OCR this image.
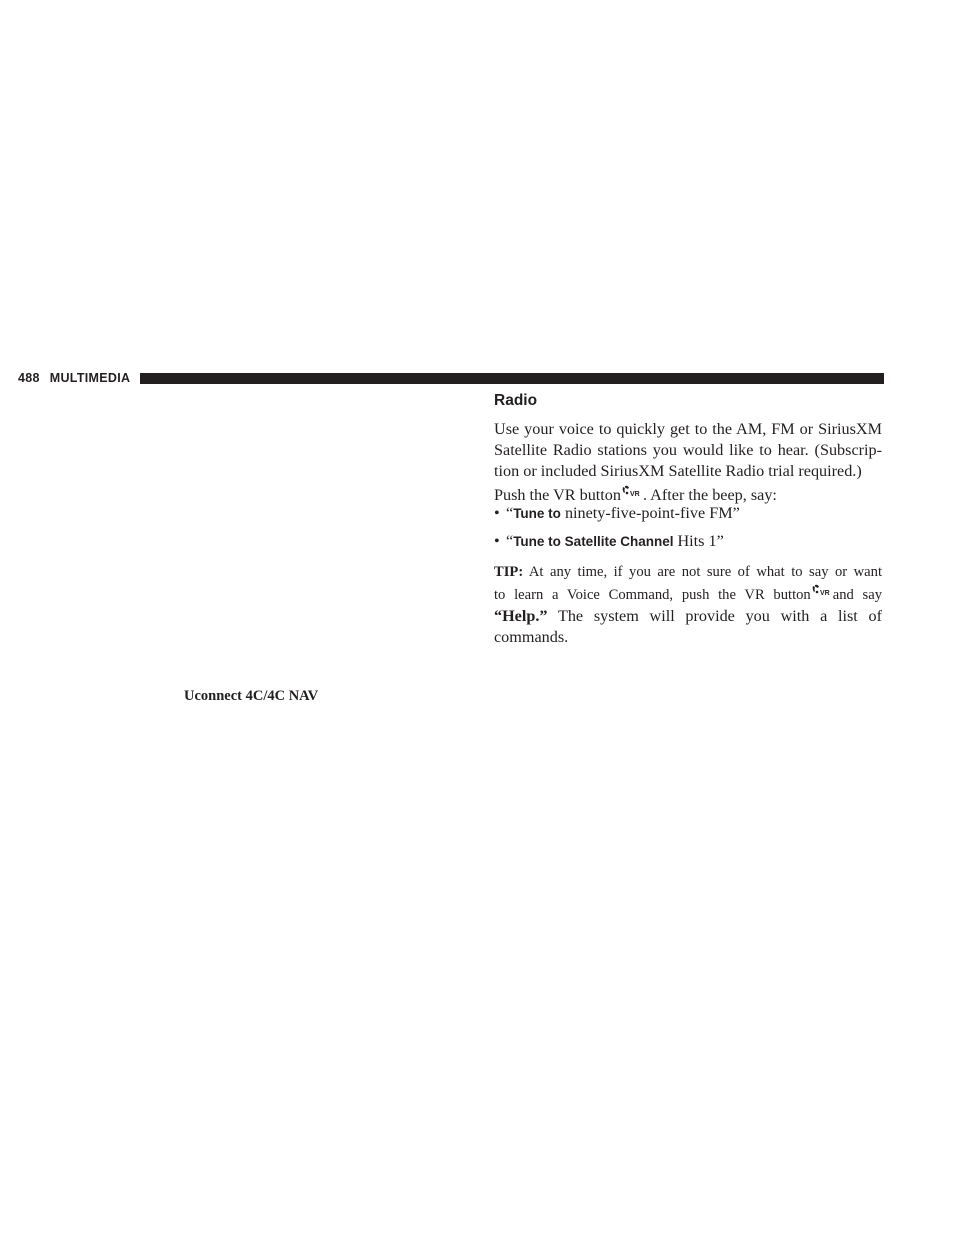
488 MULTIMEDIA
Radio
Use your voice to quickly get to the AM, FM or SiriusXM Satellite Radio stations you would like to hear. (Subscrip- tion or included SiriusXM Satellite Radio trial required.)
Push the VR button VR . After the beep, say:
• “ Tune to ninety-five-point-five FM”
• “ Tune to Satellite Channel Hits 1”
TIP: At any time, if you are not sure of what to say or want
to learn a Voice Command, push the VR button VR and say
“Help.” The system will provide you with a list of
commands.
Uconnect 4C/4C NAV
